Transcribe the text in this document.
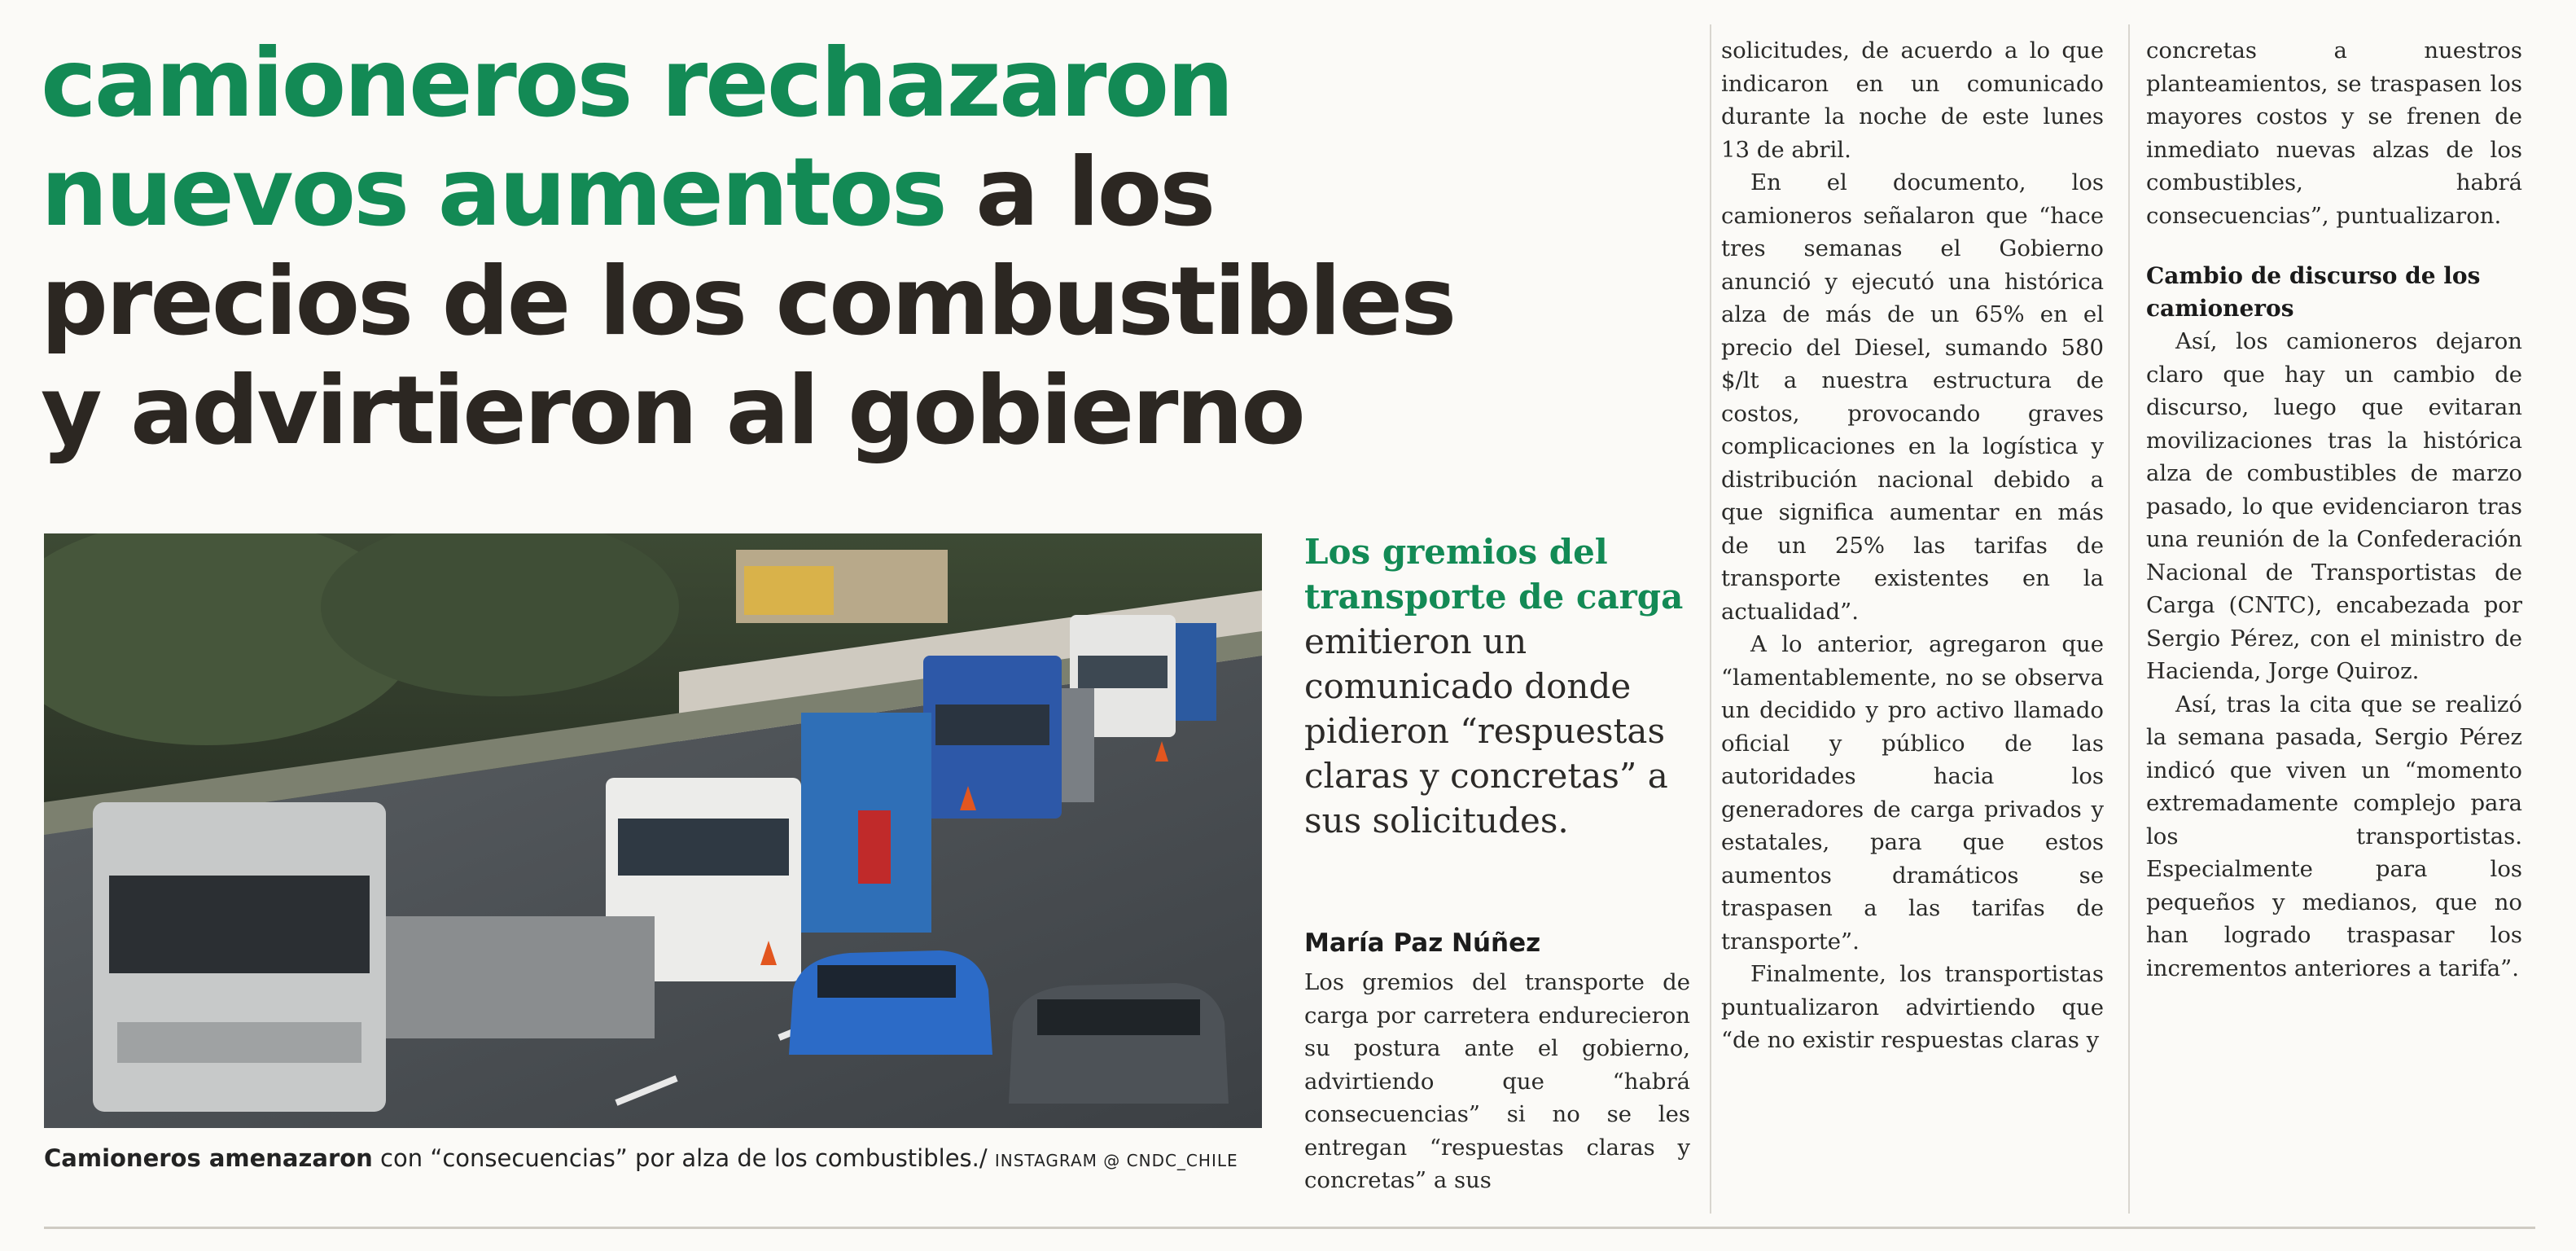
camioneros rechazaron
nuevos aumentos a los
precios de los combustibles
y advirtieron al gobierno
Camioneros amenazaron con “consecuencias” por alza de los combustibles./ INSTAGRAM @ CNDC_CHILE
Los gremios del transporte de carga emitieron un comunicado donde pidieron “respuestas claras y concretas” a sus solicitudes.
María Paz Núñez

Los gremios del transporte de carga por carretera endurecieron su postura ante el gobierno, advirtiendo que “habrá consecuencias” si no se les entregan “respuestas claras y concretas” a sus

solicitudes, de acuerdo a lo que indicaron en un comunicado durante la noche de este lunes 13 de abril.

En el documento, los camioneros señalaron que “hace tres semanas el Gobierno anunció y ejecutó una histórica alza de más de un 65% en el precio del Diesel, sumando 580 $/lt a nuestra estructura de costos, provocando graves complicaciones en la logística y distribución nacional debido a que significa aumentar en más de un 25% las tarifas de transporte existentes en la actualidad”.

A lo anterior, agregaron que “lamentablemente, no se observa un decidido y pro activo llamado oficial y público de las autoridades hacia los generadores de carga privados y estatales, para que estos aumentos dramáticos se traspasen a las tarifas de transporte”.

Finalmente, los transportistas puntualizaron advirtiendo que “de no existir respuestas claras y

concretas a nuestros planteamientos, se traspasen los mayores costos y se frenen de inmediato nuevas alzas de los combustibles, habrá consecuencias”, puntualizaron.

Cambio de discurso de los camioneros

Así, los camioneros dejaron claro que hay un cambio de discurso, luego que evitaran movilizaciones tras la histórica alza de combustibles de marzo pasado, lo que evidenciaron tras una reunión de la Confederación Nacional de Transportistas de Carga (CNTC), encabezada por Sergio Pérez, con el ministro de Hacienda, Jorge Quiroz.

Así, tras la cita que se realizó la semana pasada, Sergio Pérez indicó que viven un “momento extremadamente complejo para los transportistas. Especialmente para los pequeños y medianos, que no han logrado traspasar los incrementos anteriores a tarifa”.
